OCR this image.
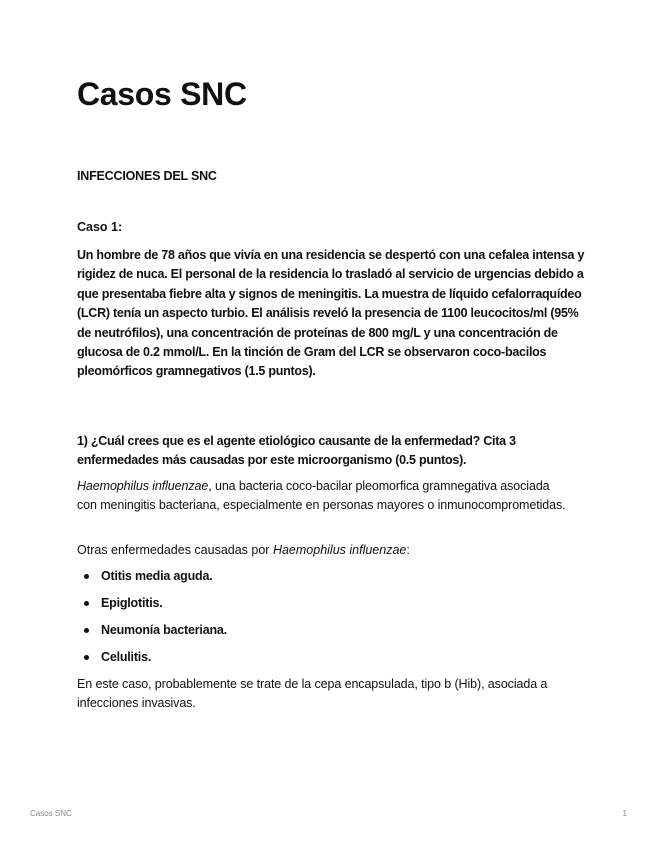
Casos SNC

INFECCIONES DEL SNC

Caso 1:

Un hombre de 78 años que vivía en una residencia se despertó con una cefalea intensa y rigidez de nuca. El personal de la residencia lo trasladó al servicio de urgencias debido a que presentaba fiebre alta y signos de meningitis. La muestra de líquido cefalorraquídeo (LCR) tenía un aspecto turbio. El análisis reveló la presencia de 1100 leucocitos/ml (95% de neutrófilos), una concentración de proteínas de 800 mg/L y una concentración de glucosa de 0.2 mmol/L. En la tinción de Gram del LCR se observaron coco-bacilos pleomórficos gramnegativos (1.5 puntos).

1) ¿Cuál crees que es el agente etiológico causante de la enfermedad? Cita 3 enfermedades más causadas por este microorganismo (0.5 puntos).

Haemophilus influenzae, una bacteria coco-bacilar pleomorfica gramnegativa asociada con meningitis bacteriana, especialmente en personas mayores o inmunocomprometidas.

Otras enfermedades causadas por Haemophilus influenzae:

Otitis media aguda.
Epiglotitis.
Neumonía bacteriana.
Celulitis.

En este caso, probablemente se trate de la cepa encapsulada, tipo b (Hib), asociada a infecciones invasivas.

Casos SNC	1
